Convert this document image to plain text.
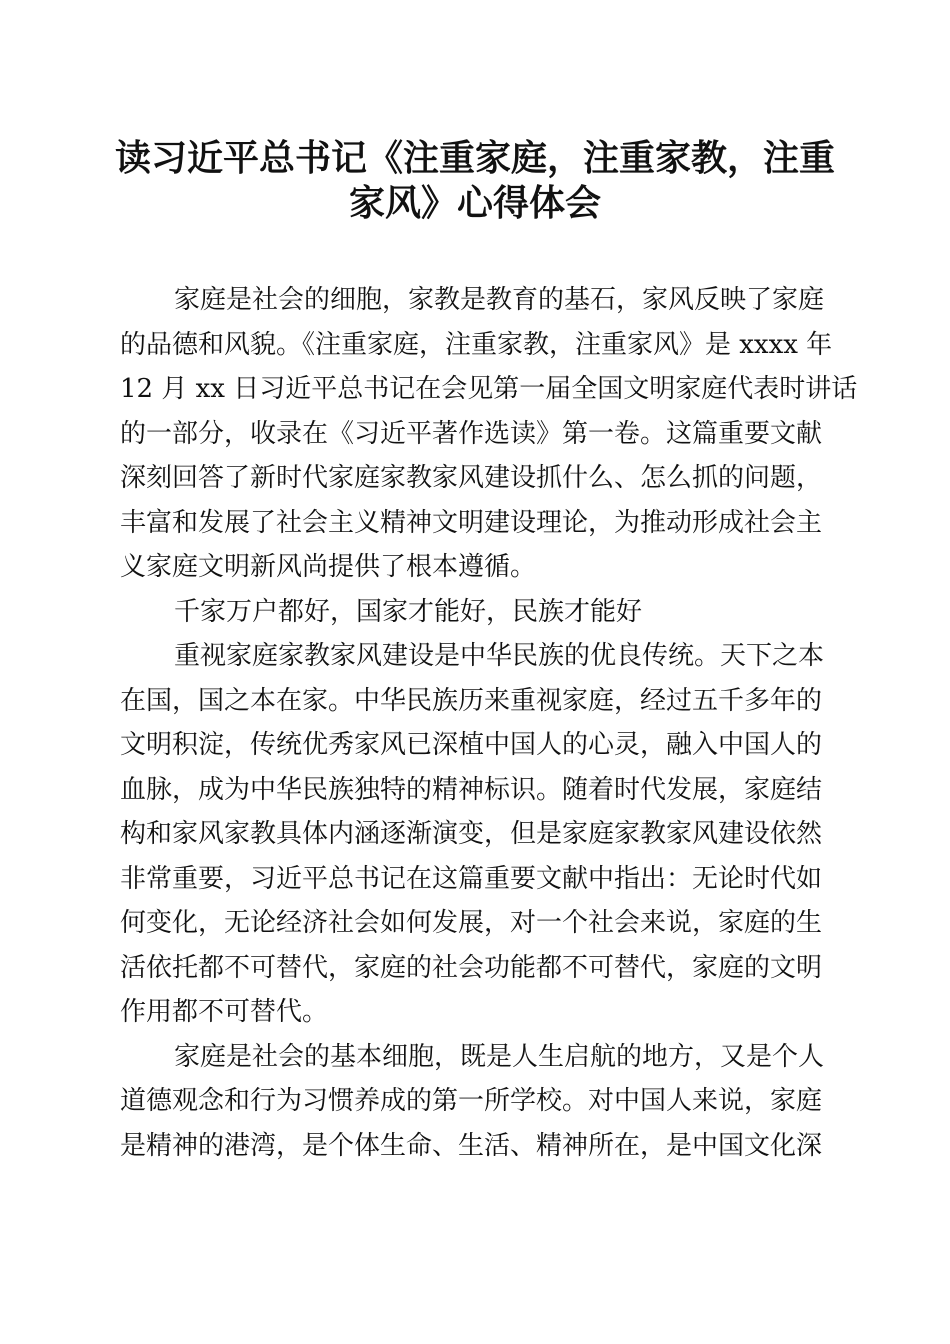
读习近平总书记《注重家庭，注重家教，注重
家风》心得体会
家庭是社会的细胞，家教是教育的基石，家风反映了家庭
的品德和风貌。《注重家庭，注重家教，注重家风》是 xxxx 年
12 月 xx 日习近平总书记在会见第一届全国文明家庭代表时讲话
的一部分，收录在《习近平著作选读》第一卷。这篇重要文献
深刻回答了新时代家庭家教家风建设抓什么、怎么抓的问题，
丰富和发展了社会主义精神文明建设理论，为推动形成社会主
义家庭文明新风尚提供了根本遵循。
千家万户都好，国家才能好，民族才能好
重视家庭家教家风建设是中华民族的优良传统。天下之本
在国，国之本在家。中华民族历来重视家庭，经过五千多年的
文明积淀，传统优秀家风已深植中国人的心灵，融入中国人的
血脉，成为中华民族独特的精神标识。随着时代发展，家庭结
构和家风家教具体内涵逐渐演变，但是家庭家教家风建设依然
非常重要，习近平总书记在这篇重要文献中指出：无论时代如
何变化，无论经济社会如何发展，对一个社会来说，家庭的生
活依托都不可替代，家庭的社会功能都不可替代，家庭的文明
作用都不可替代。
家庭是社会的基本细胞，既是人生启航的地方，又是个人
道德观念和行为习惯养成的第一所学校。对中国人来说，家庭
是精神的港湾，是个体生命、生活、精神所在，是中国文化深
